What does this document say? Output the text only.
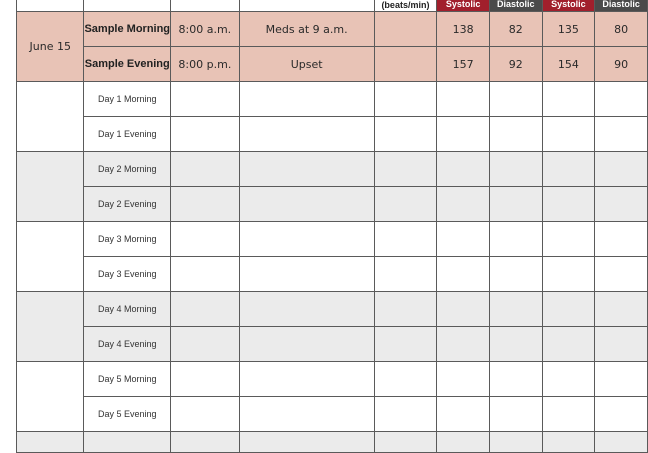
				(beats/min)	Systolic	Diastolic	Systolic	Diastolic

June 15	Sample Morning	8:00 a.m.	Meds at 9 a.m.		138	82	135	80
	Sample Evening	8:00 p.m.	Upset		157	92	154	90
	Day 1 Morning							
	Day 1 Evening							
	Day 2 Morning							
	Day 2 Evening							
	Day 3 Morning							
	Day 3 Evening							
	Day 4 Morning							
	Day 4 Evening							
	Day 5 Morning							
	Day 5 Evening							
